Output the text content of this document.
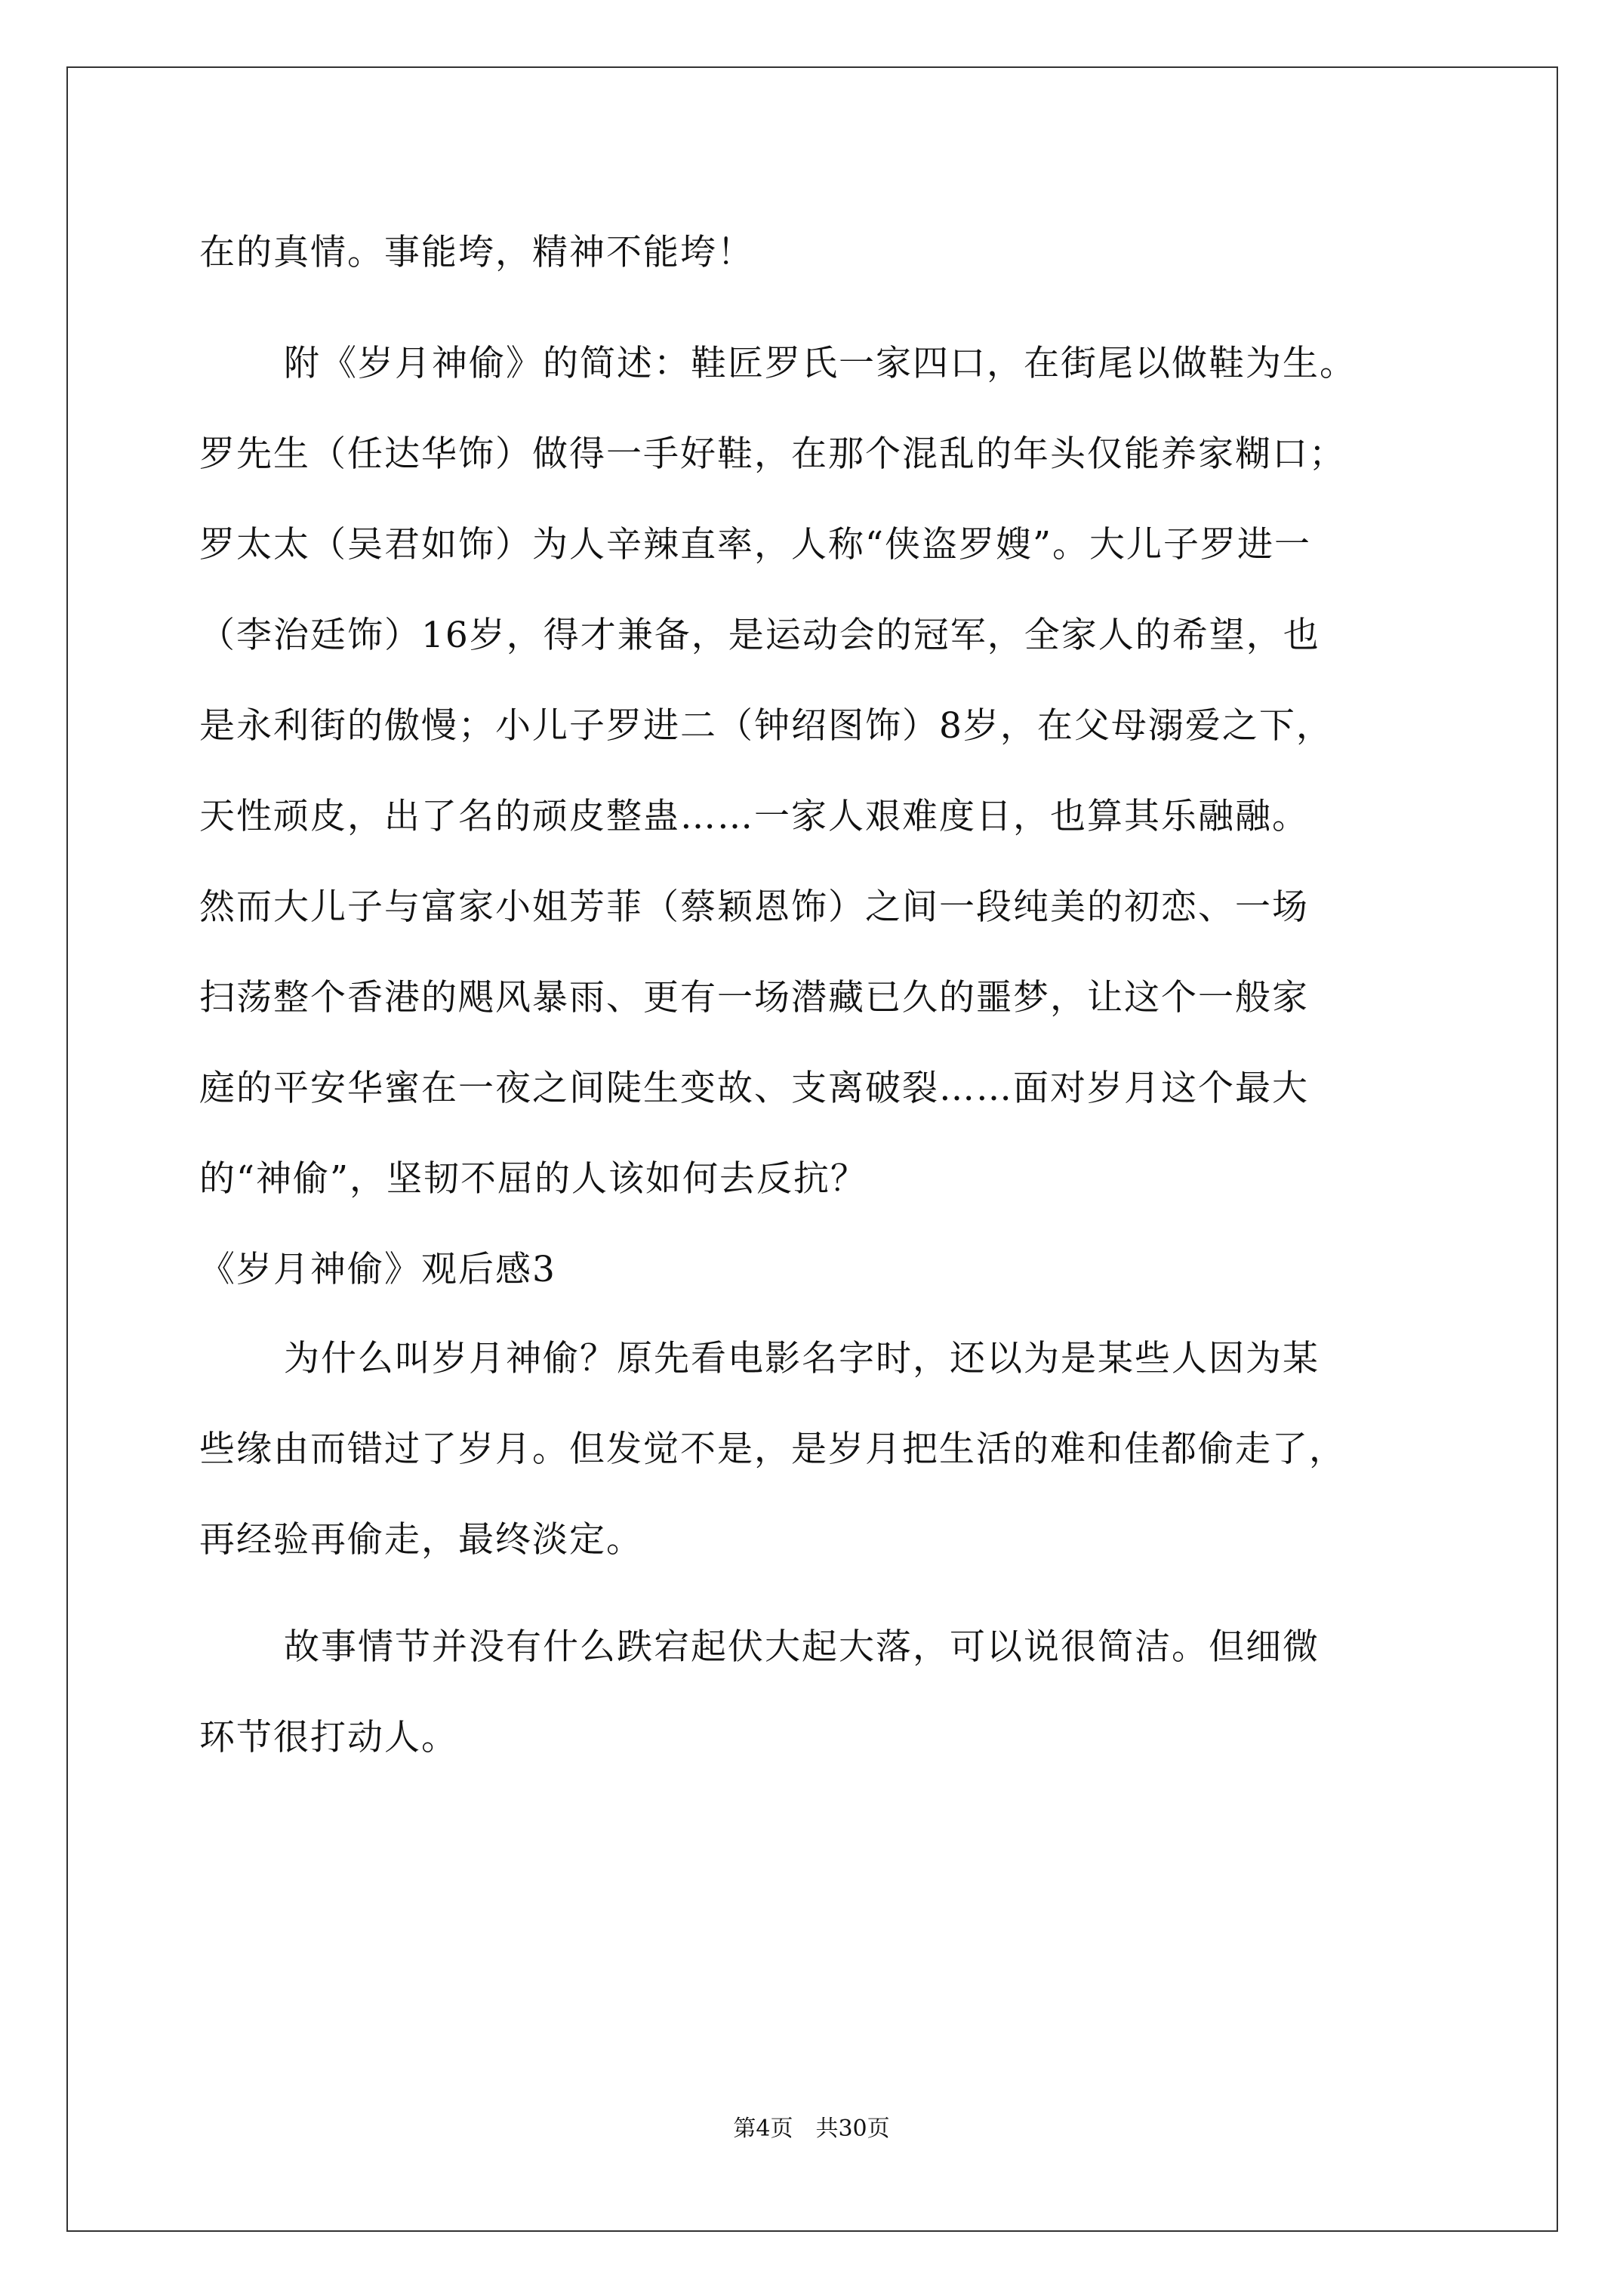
在的真情。事能垮，精神不能垮！
附《岁月神偷》的简述：鞋匠罗氏一家四口，在街尾以做鞋为生。
罗先生（任达华饰）做得一手好鞋，在那个混乱的年头仅能养家糊口；
罗太太（吴君如饰）为人辛辣直率，人称“侠盗罗嫂”。大儿子罗进一
（李治廷饰）16岁，得才兼备，是运动会的冠军，全家人的希望，也
是永利街的傲慢；小儿子罗进二（钟绍图饰）8岁，在父母溺爱之下，
天性顽皮，出了名的顽皮整蛊……一家人艰难度日，也算其乐融融。
然而大儿子与富家小姐芳菲（蔡颖恩饰）之间一段纯美的初恋、一场
扫荡整个香港的飓风暴雨、更有一场潜藏已久的噩梦，让这个一般家
庭的平安华蜜在一夜之间陡生变故、支离破裂……面对岁月这个最大
的“神偷”，坚韧不屈的人该如何去反抗？
《岁月神偷》观后感3
为什么叫岁月神偷？原先看电影名字时，还以为是某些人因为某
些缘由而错过了岁月。但发觉不是，是岁月把生活的难和佳都偷走了，
再经验再偷走，最终淡定。
故事情节并没有什么跌宕起伏大起大落，可以说很简洁。但细微
环节很打动人。
第4页　共30页
